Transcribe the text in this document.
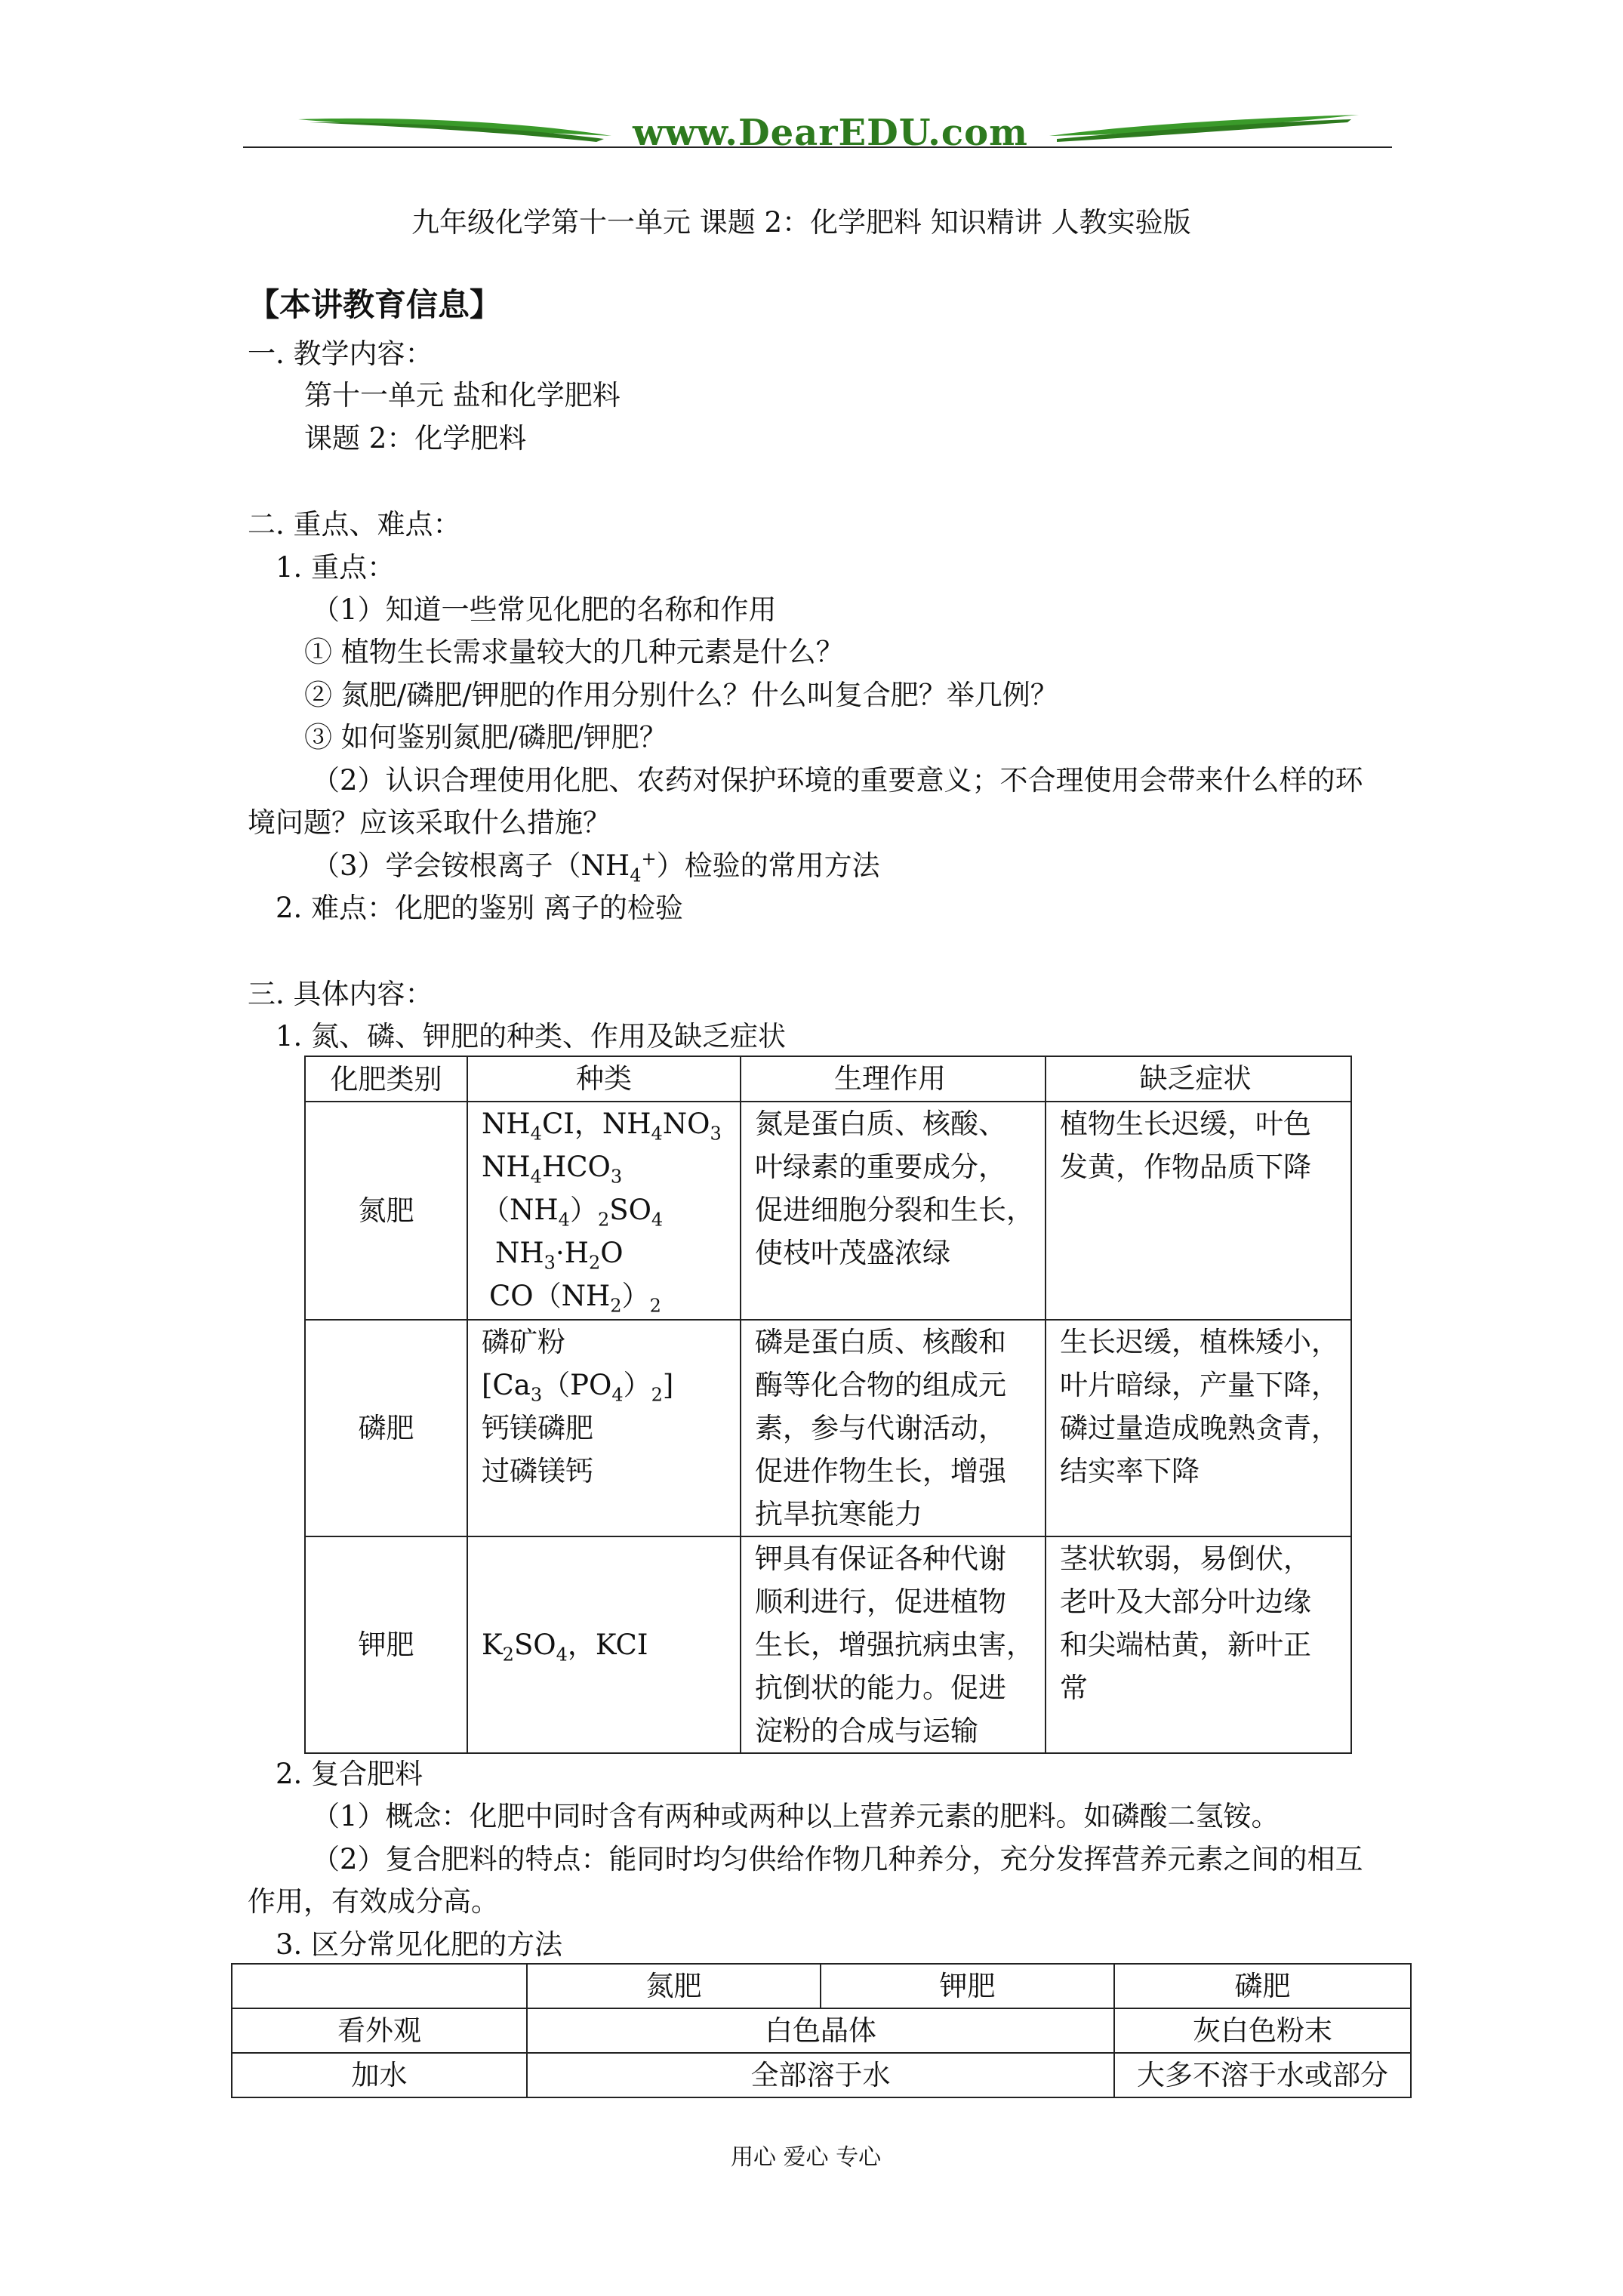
www.DearEDU.com
九年级化学第十一单元 课题 2：化学肥料 知识精讲 人教实验版
【本讲教育信息】
一. 教学内容：
第十一单元 盐和化学肥料
课题 2：化学肥料
二. 重点、难点：
1. 重点：
（1）知道一些常见化肥的名称和作用
① 植物生长需求量较大的几种元素是什么？
② 氮肥/磷肥/钾肥的作用分别什么？什么叫复合肥？举几例？
③ 如何鉴别氮肥/磷肥/钾肥？
（2）认识合理使用化肥、农药对保护环境的重要意义；不合理使用会带来什么样的环
境问题？应该采取什么措施？
（3）学会铵根离子$(NH_4^+)$检验的常用方法
2. 难点：化肥的鉴别 离子的检验
三. 具体内容：
1. 氮、磷、钾肥的种类、作用及缺乏症状
化肥类别	种类	生理作用	缺乏症状
氮肥	$NH_4CI$，$NH_4NO_3$
$NH_4HCO_3$
$(NH_4)_2SO_4$
$NH_3\cdot H_2O$
$CO(NH_2)_2$	氮是蛋白质、核酸、
叶绿素的重要成分，
促进细胞分裂和生长，
使枝叶茂盛浓绿	植物生长迟缓，叶色
发黄，作物品质下降

磷肥	磷矿粉
$[Ca_3(PO_4)_2]$
钙镁磷肥
过磷镁钙	磷是蛋白质、核酸和
酶等化合物的组成元
素，参与代谢活动，
促进作物生长，增强
抗旱抗寒能力	生长迟缓，植株矮小，
叶片暗绿，产量下降，
磷过量造成晚熟贪青，
结实率下降

钾肥	$K_2SO_4$，KCI	钾具有保证各种代谢
顺利进行，促进植物
生长，增强抗病虫害，
抗倒状的能力。促进
淀粉的合成与运输	茎状软弱，易倒伏，
老叶及大部分叶边缘
和尖端枯黄，新叶正
常
2. 复合肥料
（1）概念：化肥中同时含有两种或两种以上营养元素的肥料。如磷酸二氢铵。
（2）复合肥料的特点：能同时均匀供给作物几种养分，充分发挥营养元素之间的相互
作用，有效成分高。
3. 区分常见化肥的方法
	氮肥	钾肥	磷肥
看外观	白色晶体		灰白色粉末
加水	全部溶于水		大多不溶于水或部分
用心 爱心 专心
